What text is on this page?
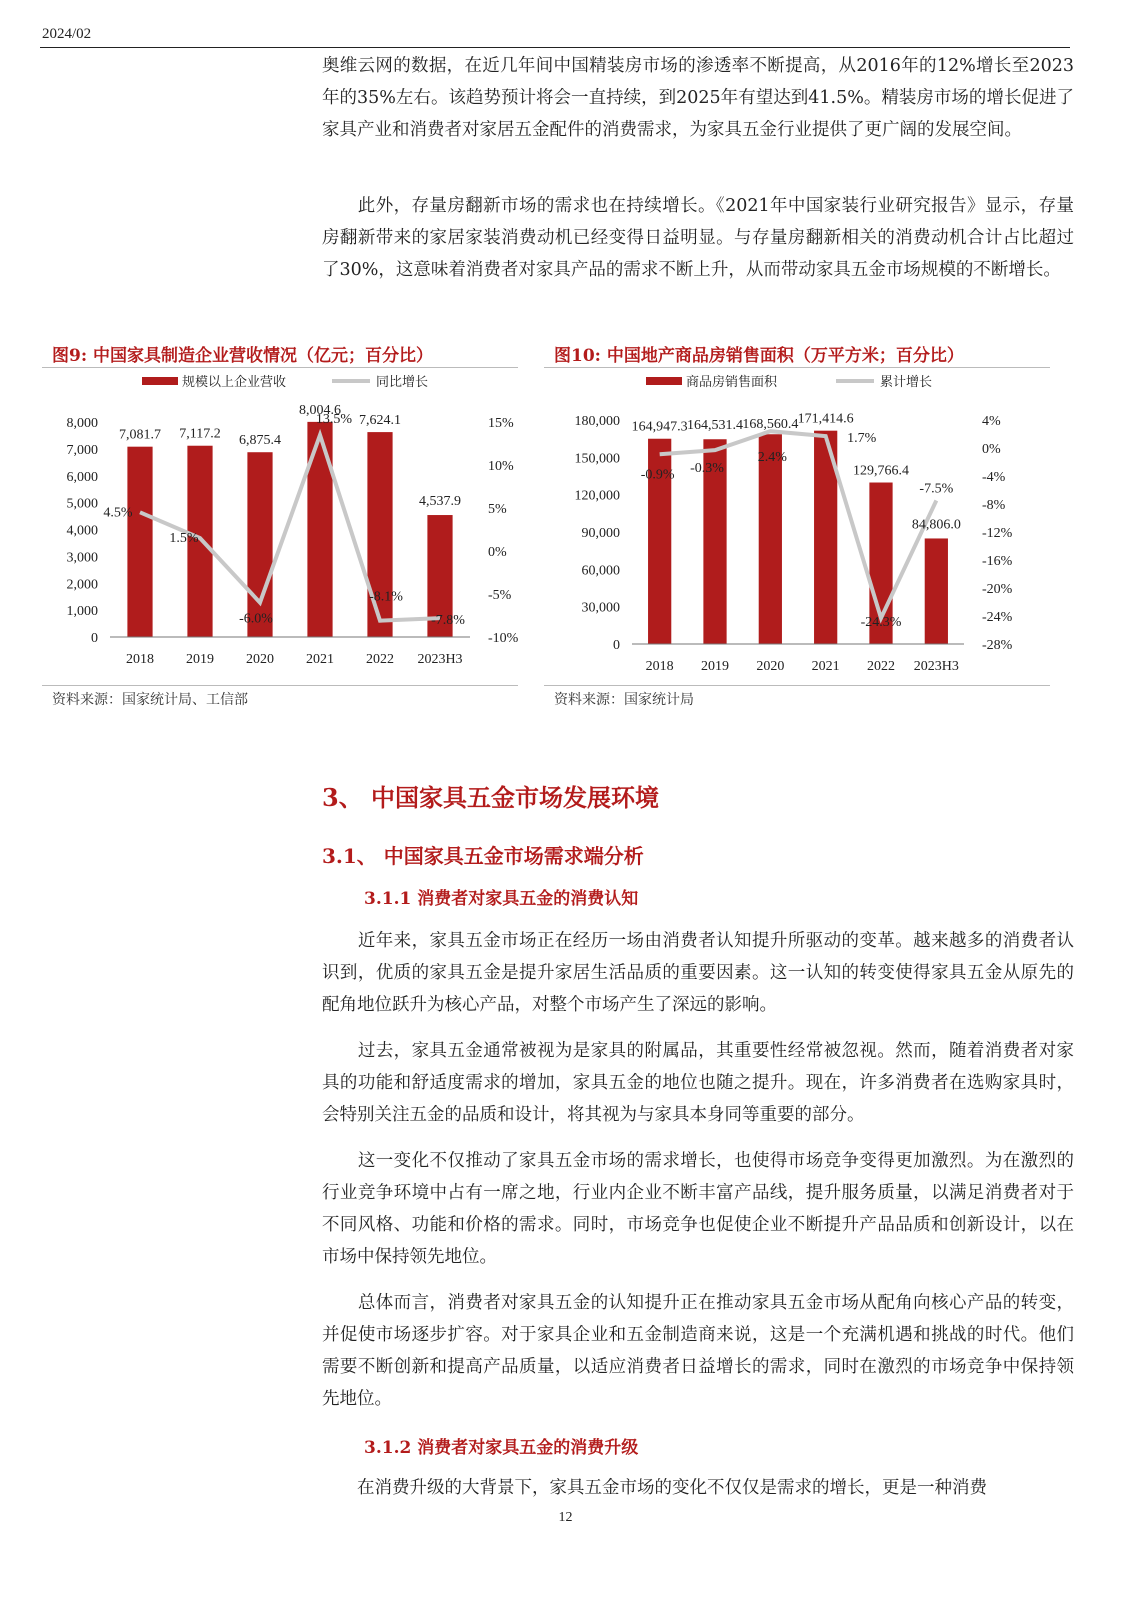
2024/02
奥维云网的数据，在近几年间中国精装房市场的渗透率不断提高，从2016年的12%增长至2023年的35%左右。该趋势预计将会一直持续，到2025年有望达到41.5%。精装房市场的增长促进了家具产业和消费者对家居五金配件的消费需求，为家具五金行业提供了更广阔的发展空间。
　　此外，存量房翻新市场的需求也在持续增长。《2021年中国家装行业研究报告》显示，存量房翻新带来的家居家装消费动机已经变得日益明显。与存量房翻新相关的消费动机合计占比超过了30%，这意味着消费者对家具产品的需求不断上升，从而带动家具五金市场规模的不断增长。
图9: 中国家具制造企业营收情况（亿元；百分比）
规模以上企业营收	同比增长
0
1,000
2,000
3,000
4,000
5,000
6,000
7,000
8,000
-10%
-5%
0%
5%
10%
15%
2018 2019 2020 2021 2022 2023H3
7,081.7 7,117.2 6,875.4
8,004.6
7,624.1
4,537.9
4.5%
1.5%
-6.0%
13.5%
-8.1%
-7.8%
资料来源：国家统计局、工信部
图10: 中国地产商品房销售面积（万平方米；百分比）
商品房销售面积	累计增长
0
30,000
60,000
90,000
120,000
150,000
180,000
-28%
-24%
-20%
-16%
-12%
-8%
-4%
0%
4%
2018 2019 2020 2021 2022 2023H3
164,947.3 164,531.4 168,560.4 171,414.6
129,766.4
84,806.0
-0.9% -0.3%
2.4%
1.7%
-24.3%
-7.5%
资料来源：国家统计局
3、 中国家具五金市场发展环境
3.1、 中国家具五金市场需求端分析
3.1.1 消费者对家具五金的消费认知
　　近年来，家具五金市场正在经历一场由消费者认知提升所驱动的变革。越来越多的消费者认识到，优质的家具五金是提升家居生活品质的重要因素。这一认知的转变使得家具五金从原先的配角地位跃升为核心产品，对整个市场产生了深远的影响。
　　过去，家具五金通常被视为是家具的附属品，其重要性经常被忽视。然而，随着消费者对家具的功能和舒适度需求的增加，家具五金的地位也随之提升。现在，许多消费者在选购家具时，会特别关注五金的品质和设计，将其视为与家具本身同等重要的部分。
　　这一变化不仅推动了家具五金市场的需求增长，也使得市场竞争变得更加激烈。为在激烈的行业竞争环境中占有一席之地，行业内企业不断丰富产品线，提升服务质量，以满足消费者对于不同风格、功能和价格的需求。同时，市场竞争也促使企业不断提升产品品质和创新设计，以在市场中保持领先地位。
　　总体而言，消费者对家具五金的认知提升正在推动家具五金市场从配角向核心产品的转变，并促使市场逐步扩容。对于家具企业和五金制造商来说，这是一个充满机遇和挑战的时代。他们需要不断创新和提高产品质量，以适应消费者日益增长的需求，同时在激烈的市场竞争中保持领先地位。
3.1.2 消费者对家具五金的消费升级
　　在消费升级的大背景下，家具五金市场的变化不仅仅是需求的增长，更是一种消费
12
